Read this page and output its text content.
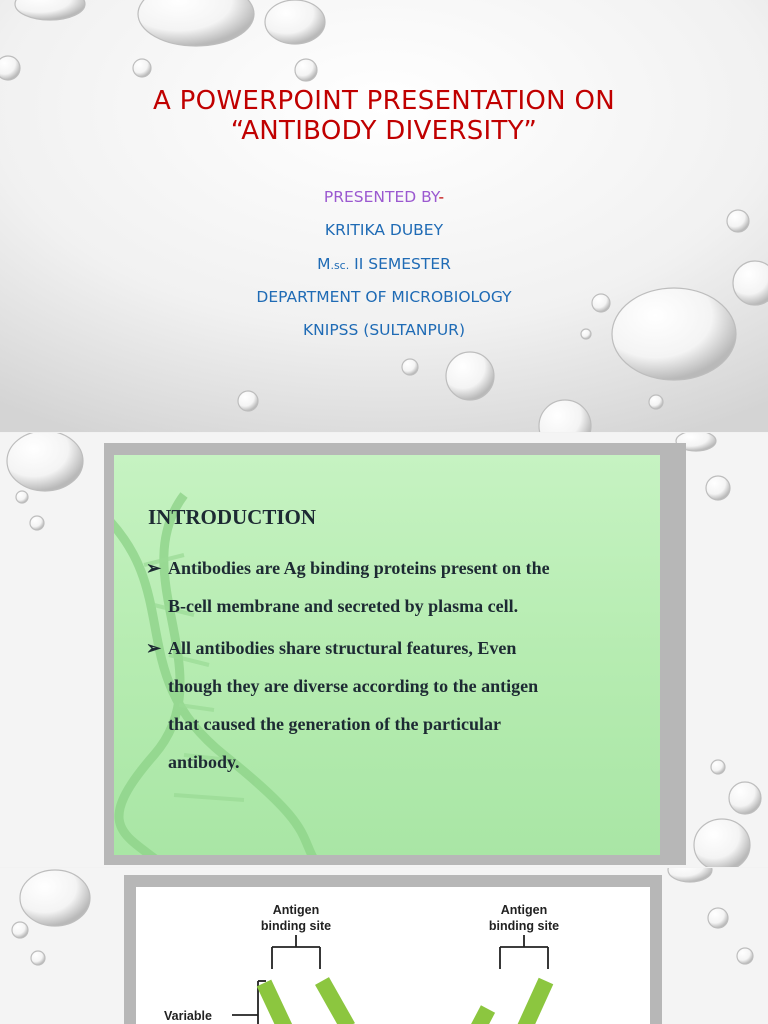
A POWERPOINT PRESENTATION ON
“ANTIBODY DIVERSITY”
PRESENTED BY-
KRITIKA DUBEY
M.sc. II SEMESTER
DEPARTMENT OF MICROBIOLOGY
KNIPSS (SULTANPUR)
INTRODUCTION
➢ Antibodies are Ag binding proteins present on the
B-cell membrane and secreted by plasma cell.
➢ All antibodies share structural features, Even
though they are diverse according to the antigen
that caused the generation of the particular
antibody.
Antigen
binding site
Antigen
binding site
Variable
